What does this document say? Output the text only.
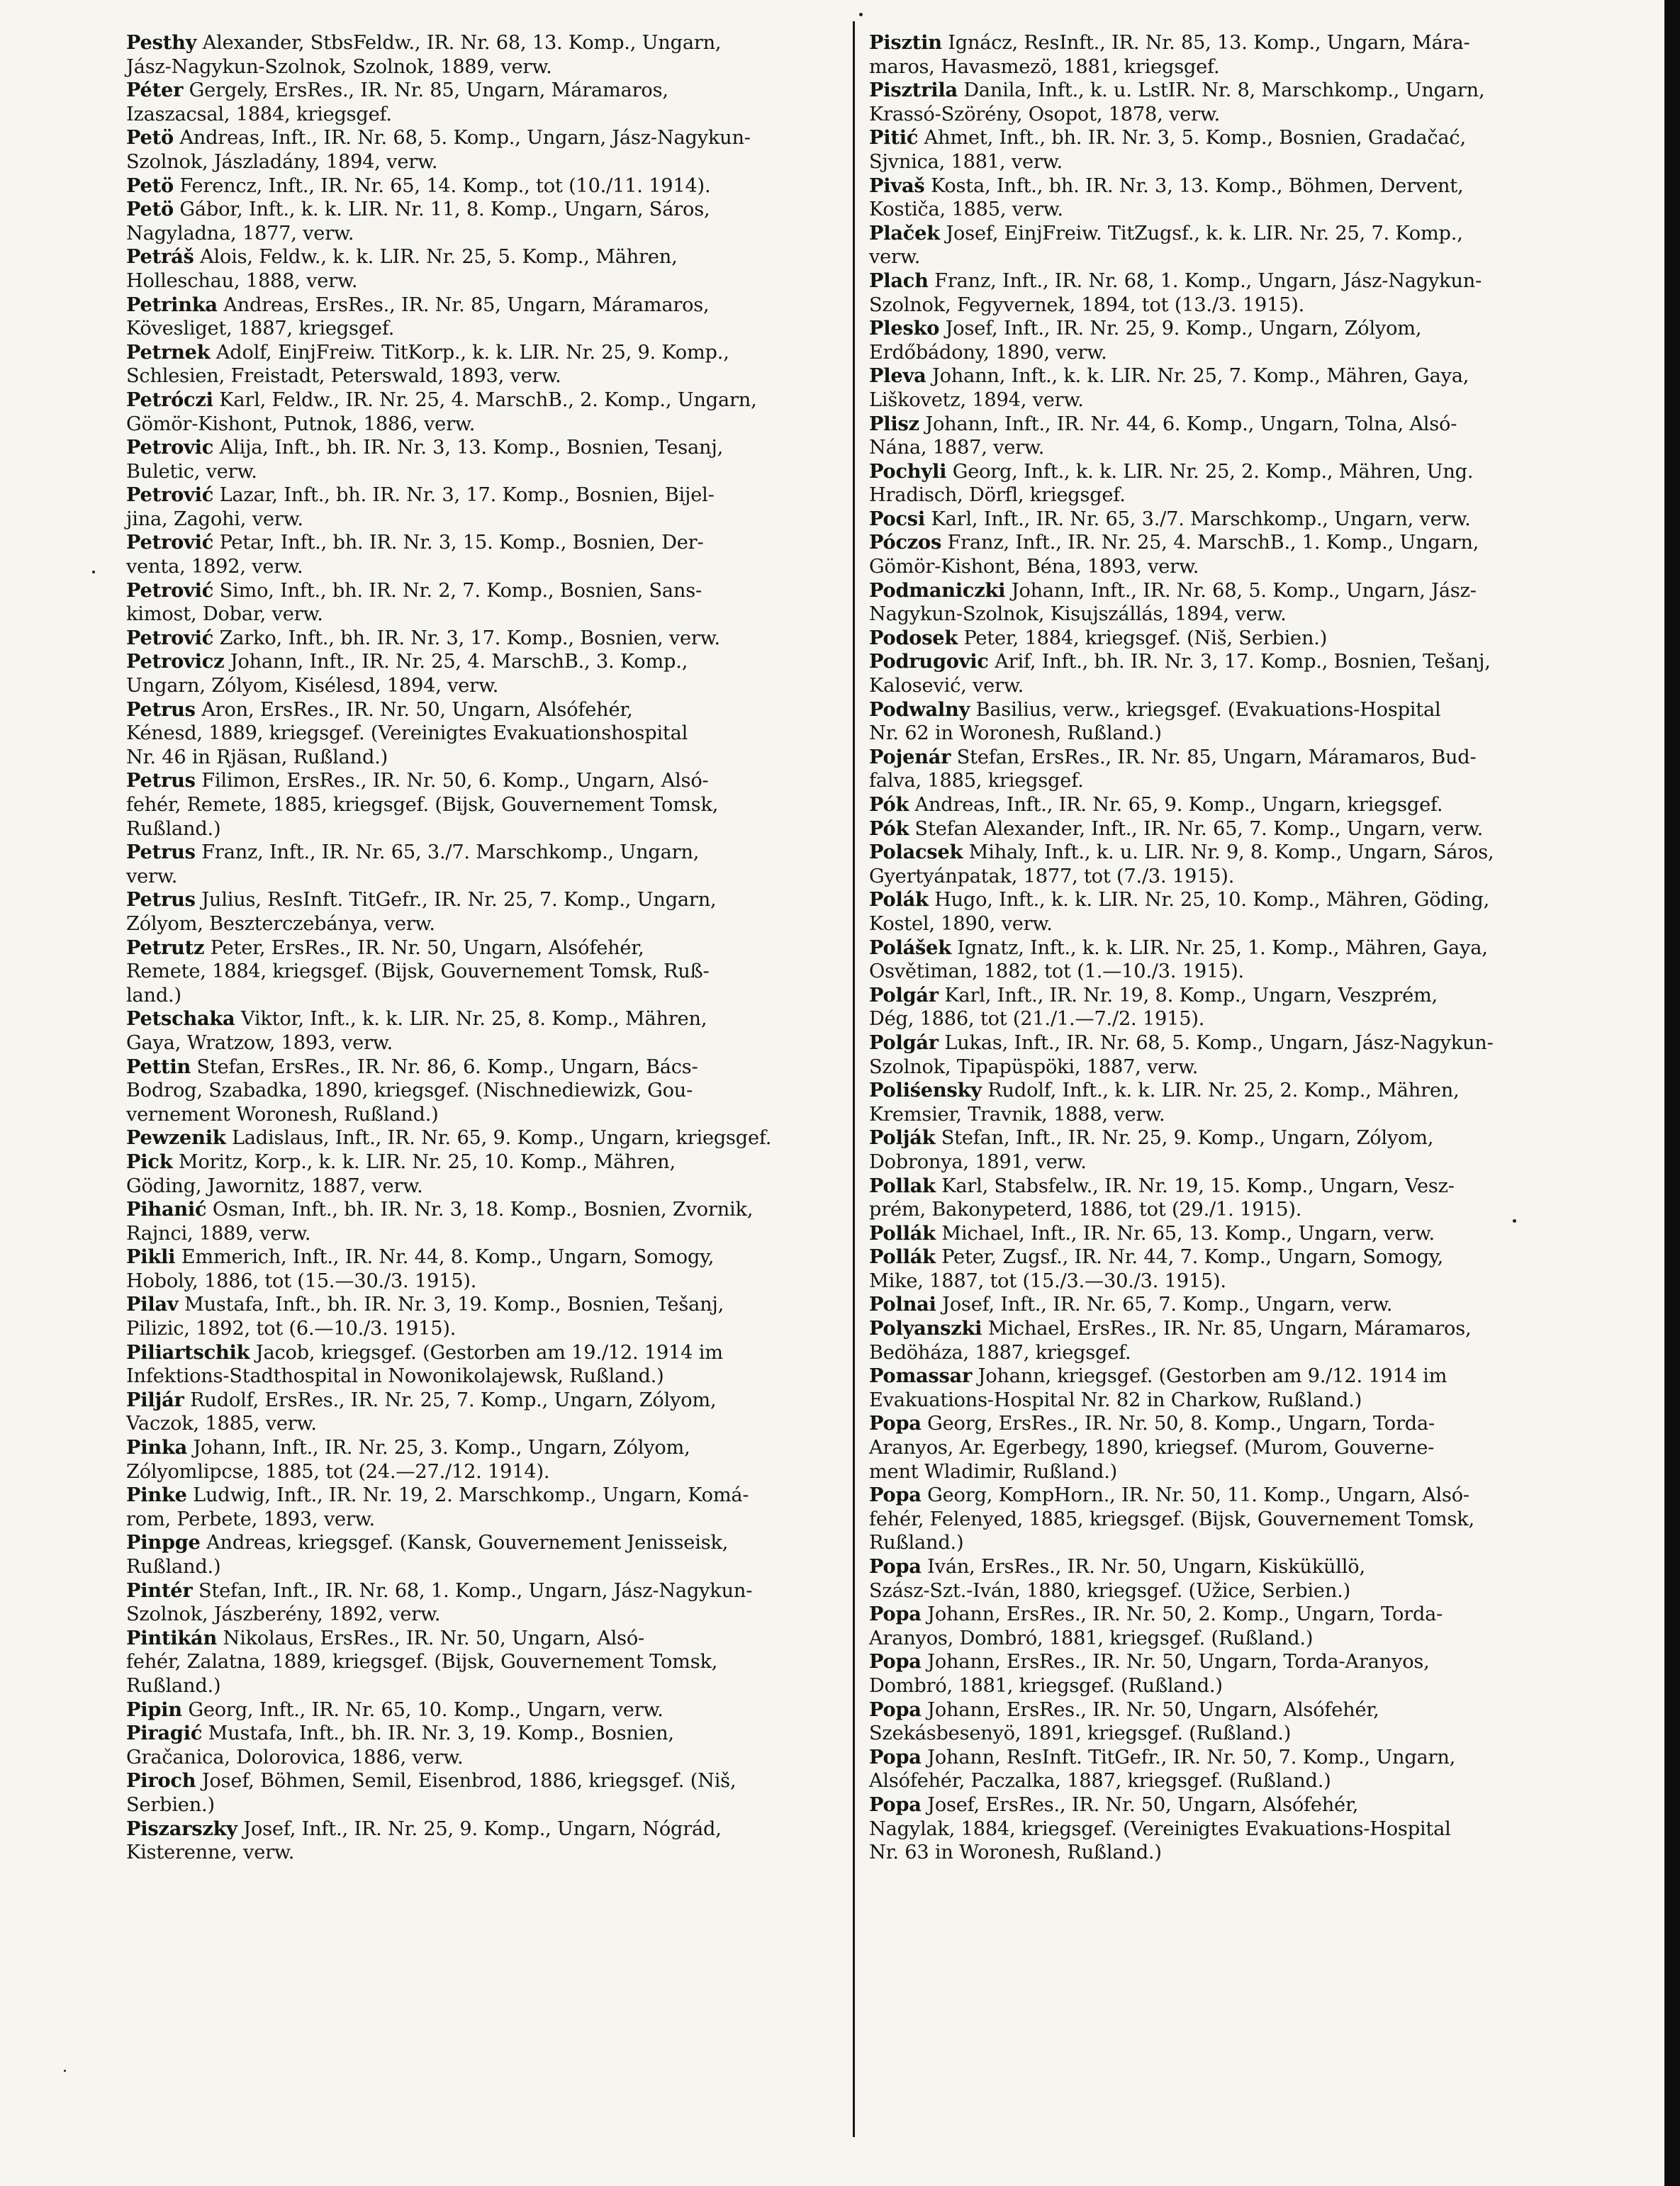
Pesthy Alexander, StbsFeldw., IR. Nr. 68, 13. Komp., Ungarn,
Jász-Nagykun-Szolnok, Szolnok, 1889, verw.

Péter Gergely, ErsRes., IR. Nr. 85, Ungarn, Máramaros,
Izaszacsal, 1884, kriegsgef.

Petö Andreas, Inft., IR. Nr. 68, 5. Komp., Ungarn, Jász-Nagykun-
Szolnok, Jászladány, 1894, verw.

Petö Ferencz, Inft., IR. Nr. 65, 14. Komp., tot (10./11. 1914).

Petö Gábor, Inft., k. k. LIR. Nr. 11, 8. Komp., Ungarn, Sáros,
Nagyladna, 1877, verw.

Petráš Alois, Feldw., k. k. LIR. Nr. 25, 5. Komp., Mähren,
Holleschau, 1888, verw.

Petrinka Andreas, ErsRes., IR. Nr. 85, Ungarn, Máramaros,
Kövesliget, 1887, kriegsgef.

Petrnek Adolf, EinjFreiw. TitKorp., k. k. LIR. Nr. 25, 9. Komp.,
Schlesien, Freistadt, Peterswald, 1893, verw.

Petróczi Karl, Feldw., IR. Nr. 25, 4. MarschB., 2. Komp., Ungarn,
Gömör-Kishont, Putnok, 1886, verw.

Petrovic Alija, Inft., bh. IR. Nr. 3, 13. Komp., Bosnien, Tesanj,
Buletic, verw.

Petrović Lazar, Inft., bh. IR. Nr. 3, 17. Komp., Bosnien, Bijel-
jina, Zagohi, verw.

Petrović Petar, Inft., bh. IR. Nr. 3, 15. Komp., Bosnien, Der-
venta, 1892, verw.

Petrović Simo, Inft., bh. IR. Nr. 2, 7. Komp., Bosnien, Sans-
kimost, Dobar, verw.

Petrović Zarko, Inft., bh. IR. Nr. 3, 17. Komp., Bosnien, verw.

Petrovicz Johann, Inft., IR. Nr. 25, 4. MarschB., 3. Komp.,
Ungarn, Zólyom, Kisélesd, 1894, verw.

Petrus Aron, ErsRes., IR. Nr. 50, Ungarn, Alsófehér,
Kénesd, 1889, kriegsgef. (Vereinigtes Evakuationshospital
Nr. 46 in Rjäsan, Rußland.)

Petrus Filimon, ErsRes., IR. Nr. 50, 6. Komp., Ungarn, Alsó-
fehér, Remete, 1885, kriegsgef. (Bijsk, Gouvernement Tomsk,
Rußland.)

Petrus Franz, Inft., IR. Nr. 65, 3./7. Marschkomp., Ungarn,
verw.

Petrus Julius, ResInft. TitGefr., IR. Nr. 25, 7. Komp., Ungarn,
Zólyom, Beszterczebánya, verw.

Petrutz Peter, ErsRes., IR. Nr. 50, Ungarn, Alsófehér,
Remete, 1884, kriegsgef. (Bijsk, Gouvernement Tomsk, Ruß-
land.)

Petschaka Viktor, Inft., k. k. LIR. Nr. 25, 8. Komp., Mähren,
Gaya, Wratzow, 1893, verw.

Pettin Stefan, ErsRes., IR. Nr. 86, 6. Komp., Ungarn, Bács-
Bodrog, Szabadka, 1890, kriegsgef. (Nischnediewizk, Gou-
vernement Woronesh, Rußland.)

Pewzenik Ladislaus, Inft., IR. Nr. 65, 9. Komp., Ungarn, kriegsgef.

Pick Moritz, Korp., k. k. LIR. Nr. 25, 10. Komp., Mähren,
Göding, Jawornitz, 1887, verw.

Pihanić Osman, Inft., bh. IR. Nr. 3, 18. Komp., Bosnien, Zvornik,
Rajnci, 1889, verw.

Pikli Emmerich, Inft., IR. Nr. 44, 8. Komp., Ungarn, Somogy,
Hoboly, 1886, tot (15.—30./3. 1915).

Pilav Mustafa, Inft., bh. IR. Nr. 3, 19. Komp., Bosnien, Tešanj,
Pilizic, 1892, tot (6.—10./3. 1915).

Piliartschik Jacob, kriegsgef. (Gestorben am 19./12. 1914 im
Infektions-Stadthospital in Nowonikolajewsk, Rußland.)

Piljár Rudolf, ErsRes., IR. Nr. 25, 7. Komp., Ungarn, Zólyom,
Vaczok, 1885, verw.

Pinka Johann, Inft., IR. Nr. 25, 3. Komp., Ungarn, Zólyom,
Zólyomlipcse, 1885, tot (24.—27./12. 1914).

Pinke Ludwig, Inft., IR. Nr. 19, 2. Marschkomp., Ungarn, Komá-
rom, Perbete, 1893, verw.

Pinpge Andreas, kriegsgef. (Kansk, Gouvernement Jenisseisk,
Rußland.)

Pintér Stefan, Inft., IR. Nr. 68, 1. Komp., Ungarn, Jász-Nagykun-
Szolnok, Jászberény, 1892, verw.

Pintikán Nikolaus, ErsRes., IR. Nr. 50, Ungarn, Alsó-
fehér, Zalatna, 1889, kriegsgef. (Bijsk, Gouvernement Tomsk,
Rußland.)

Pipin Georg, Inft., IR. Nr. 65, 10. Komp., Ungarn, verw.

Piragić Mustafa, Inft., bh. IR. Nr. 3, 19. Komp., Bosnien,
Gračanica, Dolorovica, 1886, verw.

Piroch Josef, Böhmen, Semil, Eisenbrod, 1886, kriegsgef. (Niš,
Serbien.)

Piszarszky Josef, Inft., IR. Nr. 25, 9. Komp., Ungarn, Nógrád,
Kisterenne, verw.

Pisztin Ignácz, ResInft., IR. Nr. 85, 13. Komp., Ungarn, Mára-
maros, Havasmezö, 1881, kriegsgef.

Pisztrila Danila, Inft., k. u. LstIR. Nr. 8, Marschkomp., Ungarn,
Krassó-Szörény, Osopot, 1878, verw.

Pitić Ahmet, Inft., bh. IR. Nr. 3, 5. Komp., Bosnien, Gradačać,
Sjvnica, 1881, verw.

Pivaš Kosta, Inft., bh. IR. Nr. 3, 13. Komp., Böhmen, Dervent,
Kostiča, 1885, verw.

Plaček Josef, EinjFreiw. TitZugsf., k. k. LIR. Nr. 25, 7. Komp.,
verw.

Plach Franz, Inft., IR. Nr. 68, 1. Komp., Ungarn, Jász-Nagykun-
Szolnok, Fegyvernek, 1894, tot (13./3. 1915).

Plesko Josef, Inft., IR. Nr. 25, 9. Komp., Ungarn, Zólyom,
Erdőbádony, 1890, verw.

Pleva Johann, Inft., k. k. LIR. Nr. 25, 7. Komp., Mähren, Gaya,
Liškovetz, 1894, verw.

Plisz Johann, Inft., IR. Nr. 44, 6. Komp., Ungarn, Tolna, Alsó-
Nána, 1887, verw.

Pochyli Georg, Inft., k. k. LIR. Nr. 25, 2. Komp., Mähren, Ung.
Hradisch, Dörfl, kriegsgef.

Pocsi Karl, Inft., IR. Nr. 65, 3./7. Marschkomp., Ungarn, verw.

Póczos Franz, Inft., IR. Nr. 25, 4. MarschB., 1. Komp., Ungarn,
Gömör-Kishont, Béna, 1893, verw.

Podmaniczki Johann, Inft., IR. Nr. 68, 5. Komp., Ungarn, Jász-
Nagykun-Szolnok, Kisujszállás, 1894, verw.

Podosek Peter, 1884, kriegsgef. (Niš, Serbien.)

Podrugovic Arif, Inft., bh. IR. Nr. 3, 17. Komp., Bosnien, Tešanj,
Kalosević, verw.

Podwalny Basilius, verw., kriegsgef. (Evakuations-Hospital
Nr. 62 in Woronesh, Rußland.)

Pojenár Stefan, ErsRes., IR. Nr. 85, Ungarn, Máramaros, Bud-
falva, 1885, kriegsgef.

Pók Andreas, Inft., IR. Nr. 65, 9. Komp., Ungarn, kriegsgef.

Pók Stefan Alexander, Inft., IR. Nr. 65, 7. Komp., Ungarn, verw.

Polacsek Mihaly, Inft., k. u. LIR. Nr. 9, 8. Komp., Ungarn, Sáros,
Gyertyánpatak, 1877, tot (7./3. 1915).

Polák Hugo, Inft., k. k. LIR. Nr. 25, 10. Komp., Mähren, Göding,
Kostel, 1890, verw.

Polášek Ignatz, Inft., k. k. LIR. Nr. 25, 1. Komp., Mähren, Gaya,
Osvětiman, 1882, tot (1.—10./3. 1915).

Polgár Karl, Inft., IR. Nr. 19, 8. Komp., Ungarn, Veszprém,
Dég, 1886, tot (21./1.—7./2. 1915).

Polgár Lukas, Inft., IR. Nr. 68, 5. Komp., Ungarn, Jász-Nagykun-
Szolnok, Tipapüspöki, 1887, verw.

Poliśensky Rudolf, Inft., k. k. LIR. Nr. 25, 2. Komp., Mähren,
Kremsier, Travnik, 1888, verw.

Polják Stefan, Inft., IR. Nr. 25, 9. Komp., Ungarn, Zólyom,
Dobronya, 1891, verw.

Pollak Karl, Stabsfelw., IR. Nr. 19, 15. Komp., Ungarn, Vesz-
prém, Bakonypeterd, 1886, tot (29./1. 1915).

Pollák Michael, Inft., IR. Nr. 65, 13. Komp., Ungarn, verw.

Pollák Peter, Zugsf., IR. Nr. 44, 7. Komp., Ungarn, Somogy,
Mike, 1887, tot (15./3.—30./3. 1915).

Polnai Josef, Inft., IR. Nr. 65, 7. Komp., Ungarn, verw.

Polyanszki Michael, ErsRes., IR. Nr. 85, Ungarn, Máramaros,
Bedöháza, 1887, kriegsgef.

Pomassar Johann, kriegsgef. (Gestorben am 9./12. 1914 im
Evakuations-Hospital Nr. 82 in Charkow, Rußland.)

Popa Georg, ErsRes., IR. Nr. 50, 8. Komp., Ungarn, Torda-
Aranyos, Ar. Egerbegy, 1890, kriegsef. (Murom, Gouverne-
ment Wladimir, Rußland.)

Popa Georg, KompHorn., IR. Nr. 50, 11. Komp., Ungarn, Alsó-
fehér, Felenyed, 1885, kriegsgef. (Bijsk, Gouvernement Tomsk,
Rußland.)

Popa Iván, ErsRes., IR. Nr. 50, Ungarn, Kisküküllö,
Szász-Szt.-Iván, 1880, kriegsgef. (Užice, Serbien.)

Popa Johann, ErsRes., IR. Nr. 50, 2. Komp., Ungarn, Torda-
Aranyos, Dombró, 1881, kriegsgef. (Rußland.)

Popa Johann, ErsRes., IR. Nr. 50, Ungarn, Torda-Aranyos,
Dombró, 1881, kriegsgef. (Rußland.)

Popa Johann, ErsRes., IR. Nr. 50, Ungarn, Alsófehér,
Szekásbesenyö, 1891, kriegsgef. (Rußland.)

Popa Johann, ResInft. TitGefr., IR. Nr. 50, 7. Komp., Ungarn,
Alsófehér, Paczalka, 1887, kriegsgef. (Rußland.)

Popa Josef, ErsRes., IR. Nr. 50, Ungarn, Alsófehér,
Nagylak, 1884, kriegsgef. (Vereinigtes Evakuations-Hospital
Nr. 63 in Woronesh, Rußland.)
